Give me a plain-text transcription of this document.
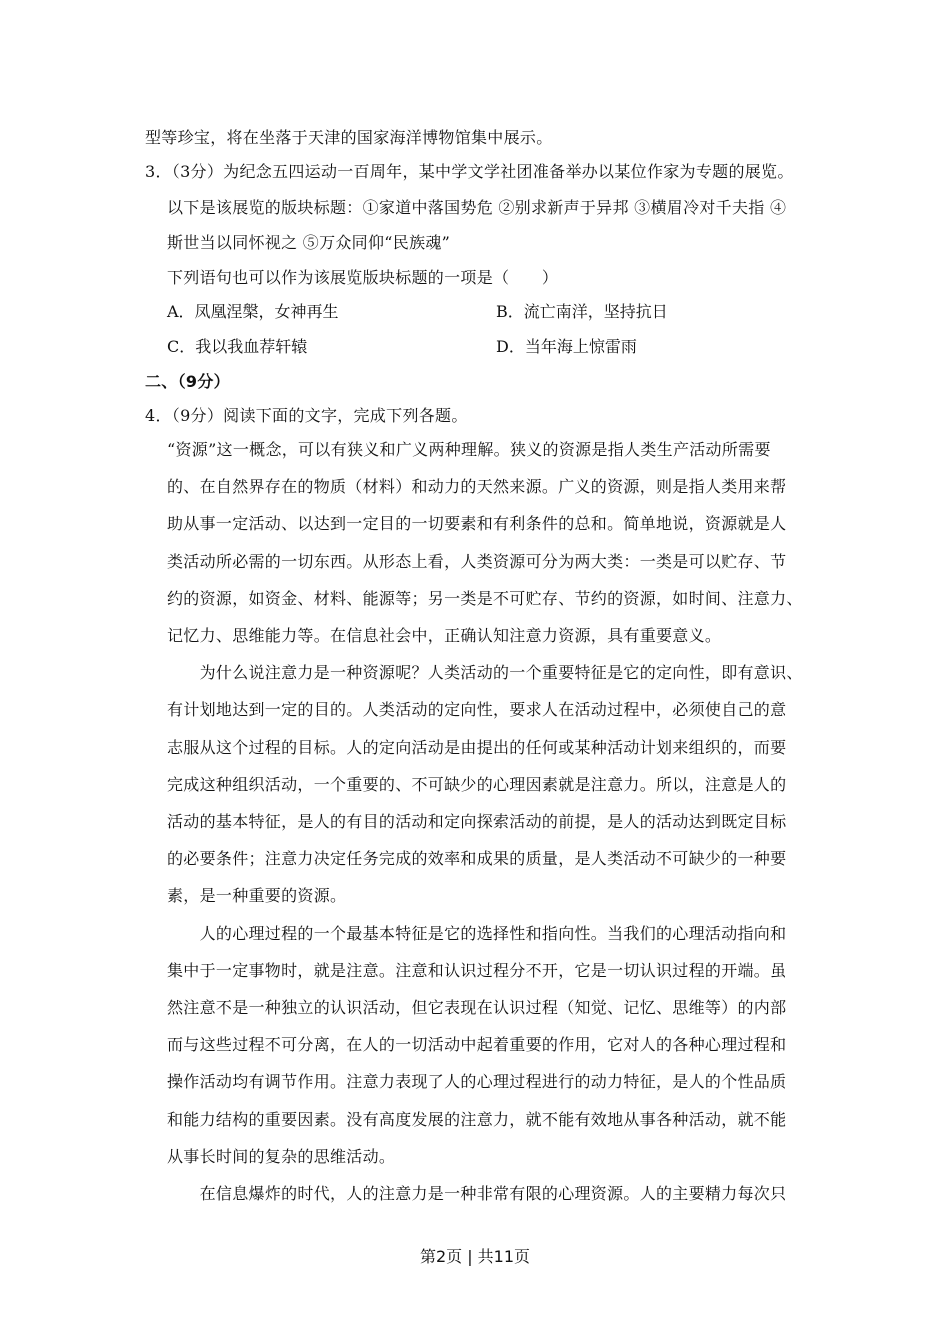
型等珍宝，将在坐落于天津的国家海洋博物馆集中展示。
3．（3分）为纪念五四运动一百周年，某中学文学社团准备举办以某位作家为专题的展览。
以下是该展览的版块标题：①家道中落国势危 ②别求新声于异邦 ③横眉冷对千夫指 ④
斯世当以同怀视之 ⑤万众同仰“民族魂”
下列语句也可以作为该展览版块标题的一项是（　　）
A．凤凰涅槃，女神再生	B．流亡南洋，坚持抗日
C．我以我血荐轩辕	D．当年海上惊雷雨
二、（9分）
4．（9分）阅读下面的文字，完成下列各题。
“资源”这一概念，可以有狭义和广义两种理解。狭义的资源是指人类生产活动所需要
的、在自然界存在的物质（材料）和动力的天然来源。广义的资源，则是指人类用来帮
助从事一定活动、以达到一定目的一切要素和有利条件的总和。简单地说，资源就是人
类活动所必需的一切东西。从形态上看，人类资源可分为两大类：一类是可以贮存、节
约的资源，如资金、材料、能源等；另一类是不可贮存、节约的资源，如时间、注意力、
记忆力、思维能力等。在信息社会中，正确认知注意力资源，具有重要意义。
　　为什么说注意力是一种资源呢？人类活动的一个重要特征是它的定向性，即有意识、
有计划地达到一定的目的。人类活动的定向性，要求人在活动过程中，必须使自己的意
志服从这个过程的目标。人的定向活动是由提出的任何或某种活动计划来组织的，而要
完成这种组织活动，一个重要的、不可缺少的心理因素就是注意力。所以，注意是人的
活动的基本特征，是人的有目的活动和定向探索活动的前提，是人的活动达到既定目标
的必要条件；注意力决定任务完成的效率和成果的质量，是人类活动不可缺少的一种要
素，是一种重要的资源。
　　人的心理过程的一个最基本特征是它的选择性和指向性。当我们的心理活动指向和
集中于一定事物时，就是注意。注意和认识过程分不开，它是一切认识过程的开端。虽
然注意不是一种独立的认识活动，但它表现在认识过程（知觉、记忆、思维等）的内部
而与这些过程不可分离，在人的一切活动中起着重要的作用，它对人的各种心理过程和
操作活动均有调节作用。注意力表现了人的心理过程进行的动力特征，是人的个性品质
和能力结构的重要因素。没有高度发展的注意力，就不能有效地从事各种活动，就不能
从事长时间的复杂的思维活动。
　　在信息爆炸的时代，人的注意力是一种非常有限的心理资源。人的主要精力每次只
第2页 | 共11页
